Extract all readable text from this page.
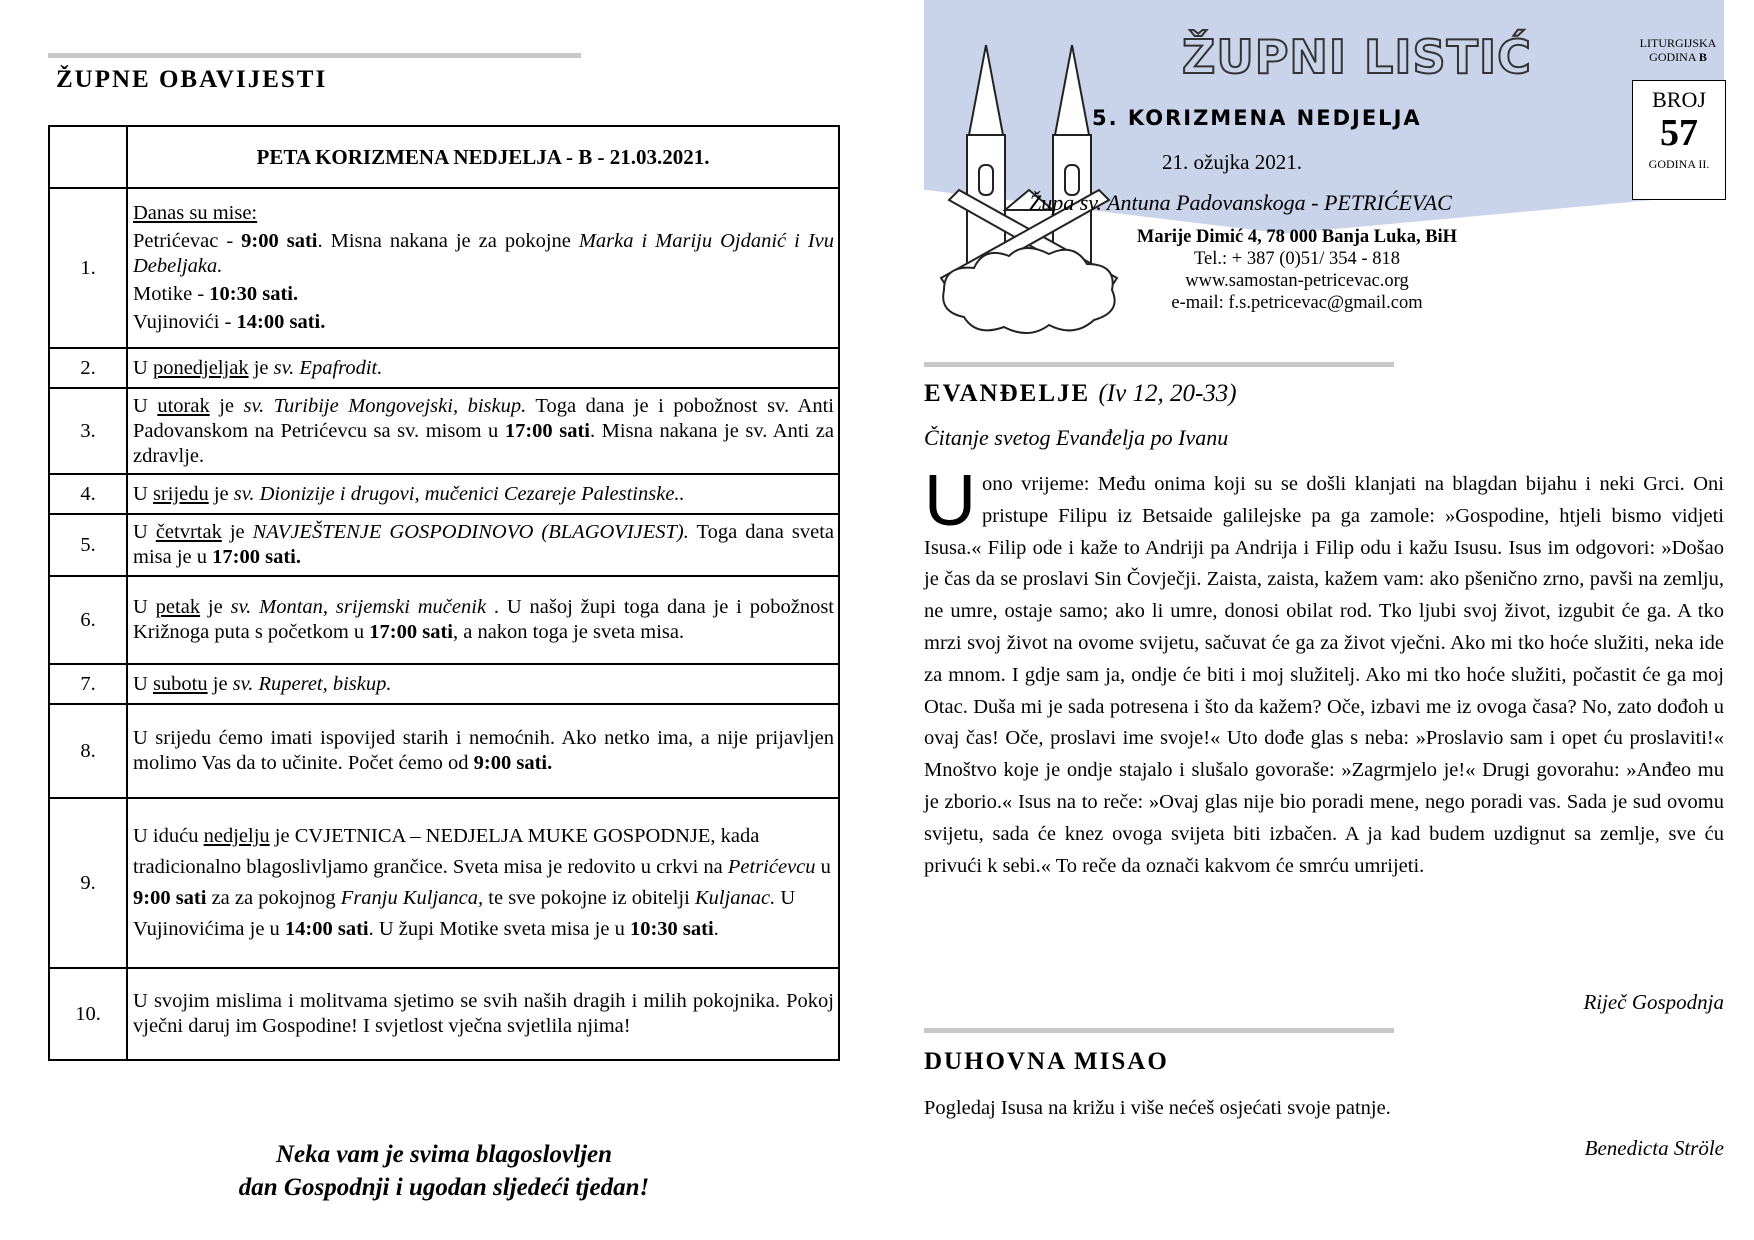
ŽUPNE OBAVIJESTI
	PETA KORIZMENA NEDJELJA - B - 21.03.2021.
1.	Danas su mise:
Petrićevac - 9:00 sati. Misna nakana je za pokojne Marka i Mariju Ojdanić i Ivu Debeljaka.
Motike - 10:30 sati.
Vujinovići - 14:00 sati.

2.	U ponedjeljak je sv. Epafrodit.
3.	U utorak je sv. Turibije Mongovejski, biskup. Toga dana je i pobožnost sv. Anti Padovanskom na Petrićevcu sa sv. misom u 17:00 sati. Misna nakana je sv. Anti za zdravlje.
4.	U srijedu je sv. Dionizije i drugovi, mučenici Cezareje Palestinske..
5.	U četvrtak je NAVJEŠTENJE GOSPODINOVO (BLAGOVIJEST). Toga dana sveta misa je u 17:00 sati.
6.	U petak je sv. Montan, srijemski mučenik . U našoj župi toga dana je i pobožnost Križnoga puta s početkom u 17:00 sati, a nakon toga je sveta misa.
7.	U subotu je sv. Ruperet, biskup.
8.	U srijedu ćemo imati ispovijed starih i nemoćnih. Ako netko ima, a nije prijavljen molimo Vas da to učinite. Počet ćemo od 9:00 sati.
9.	U iduću nedjelju je CVJETNICA – NEDJELJA MUKE GOSPODNJE, kada tradicionalno blagoslivljamo grančice. Sveta misa je redovito u crkvi na Petrićevcu u 9:00 sati za za pokojnog Franju Kuljanca, te sve pokojne iz obitelji Kuljanac. U Vujinovićima je u 14:00 sati. U župi Motike sveta misa je u 10:30 sati.
10.	U svojim mislima i molitvama sjetimo se svih naših dragih i milih pokojnika. Pokoj vječni daruj im Gospodine! I svjetlost vječna svjetlila njima!
Neka vam je svima blagoslovljen
dan Gospodnji i ugodan sljedeći tjedan!
ŽUPNI LISTIĆ	LITURGIJSKA
GODINA B
BROJ
57
GODINA II.
5. KORIZMENA NEDJELJA
21. ožujka 2021.
Župa sv. Antuna Padovanskoga - PETRIĆEVAC
Marije Dimić 4, 78 000 Banja Luka, BiH
Tel.: + 387 (0)51/ 354 - 818
www.samostan-petricevac.org
e-mail: f.s.petricevac@gmail.com
EVANĐELJE (Iv 12, 20-33)
Čitanje svetog Evanđelja po Ivanu
Uono vrijeme: Među onima koji su se došli klanjati na blagdan bijahu i neki Grci. Oni pristupe Filipu iz Betsaide galilejske pa ga zamole: »Gospodine, htjeli bismo vidjeti Isusa.« Filip ode i kaže to Andriji pa Andrija i Filip odu i kažu Isusu. Isus im odgovori: »Došao je čas da se proslavi Sin Čovječji. Zaista, zaista, kažem vam: ako pšenično zrno, pavši na zemlju, ne umre, ostaje samo; ako li umre, donosi obilat rod. Tko ljubi svoj život, izgubit će ga. A tko mrzi svoj život na ovome svijetu, sačuvat će ga za život vječni. Ako mi tko hoće služiti, neka ide za mnom. I gdje sam ja, ondje će biti i moj služitelj. Ako mi tko hoće služiti, počastit će ga moj Otac. Duša mi je sada potresena i što da kažem? Oče, izbavi me iz ovoga časa? No, zato dođoh u ovaj čas! Oče, proslavi ime svoje!« Uto dođe glas s neba: »Proslavio sam i opet ću proslaviti!« Mnoštvo koje je ondje stajalo i slušalo govoraše: »Zagrmjelo je!« Drugi govorahu: »Anđeo mu je zborio.« Isus na to reče: »Ovaj glas nije bio poradi mene, nego poradi vas. Sada je sud ovomu svijetu, sada će knez ovoga svijeta biti izbačen. A ja kad budem uzdignut sa zemlje, sve ću privući k sebi.« To reče da označi kakvom će smrću umrijeti.
Riječ Gospodnja
DUHOVNA MISAO
Pogledaj Isusa na križu i više nećeš osjećati svoje patnje.
Benedicta Ströle
